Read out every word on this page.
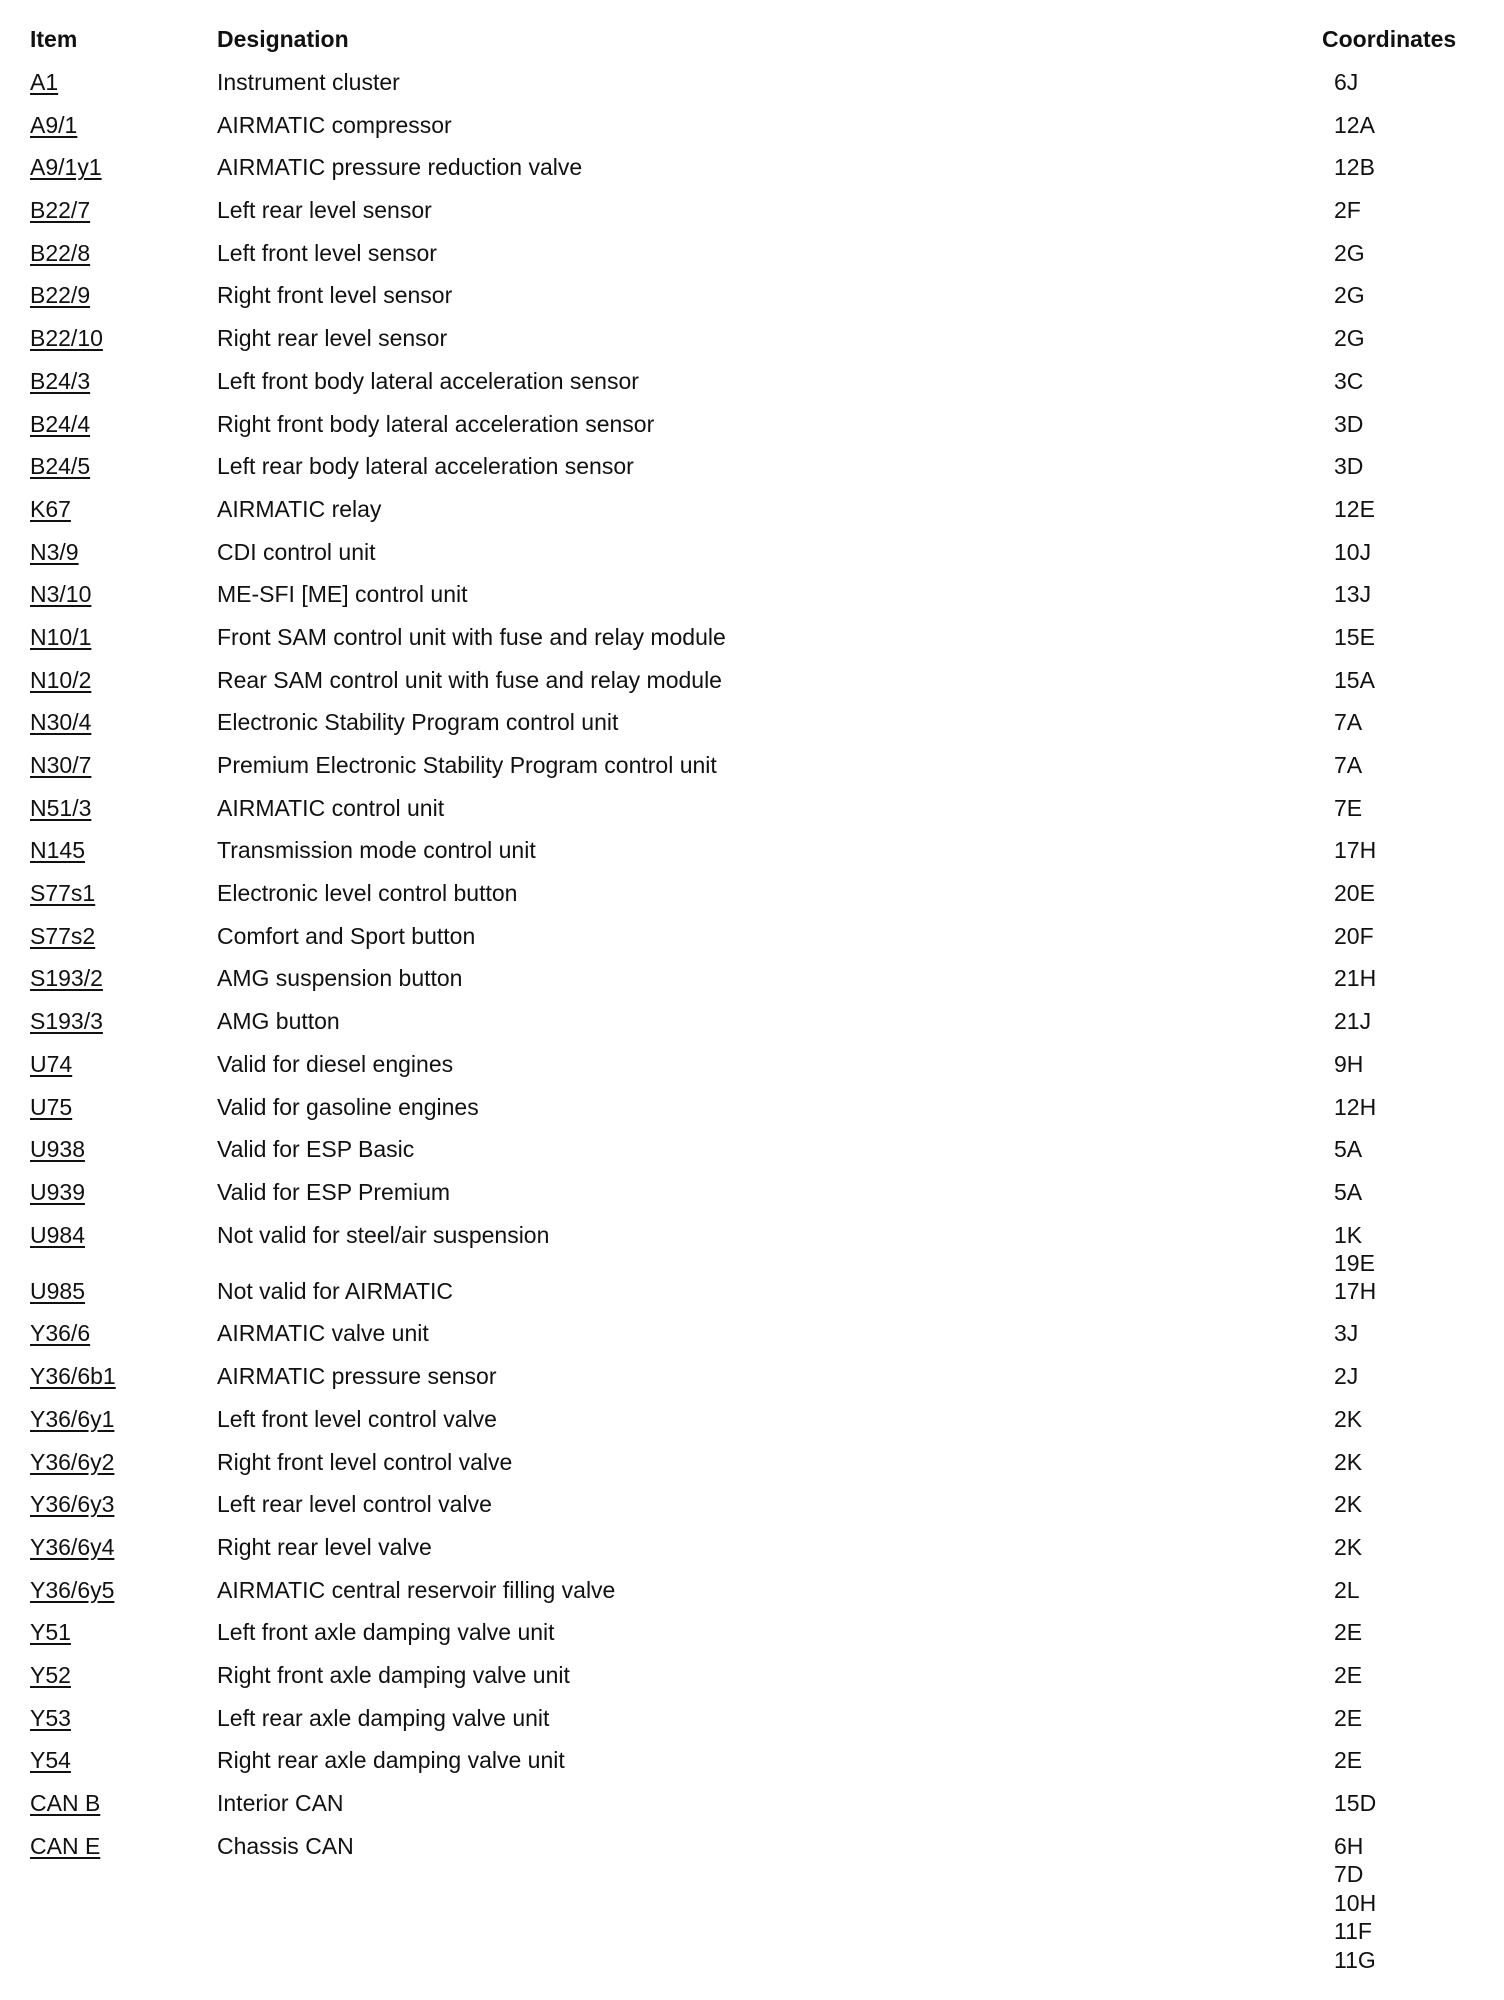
Item	Designation	Coordinates
A1	Instrument cluster	6J
A9/1	AIRMATIC compressor	12A
A9/1y1	AIRMATIC pressure reduction valve	12B
B22/7	Left rear level sensor	2F
B22/8	Left front level sensor	2G
B22/9	Right front level sensor	2G
B22/10	Right rear level sensor	2G
B24/3	Left front body lateral acceleration sensor	3C
B24/4	Right front body lateral acceleration sensor	3D
B24/5	Left rear body lateral acceleration sensor	3D
K67	AIRMATIC relay	12E
N3/9	CDI control unit	10J
N3/10	ME-SFI [ME] control unit	13J
N10/1	Front SAM control unit with fuse and relay module	15E
N10/2	Rear SAM control unit with fuse and relay module	15A
N30/4	Electronic Stability Program control unit	7A
N30/7	Premium Electronic Stability Program control unit	7A
N51/3	AIRMATIC control unit	7E
N145	Transmission mode control unit	17H
S77s1	Electronic level control button	20E
S77s2	Comfort and Sport button	20F
S193/2	AMG suspension button	21H
S193/3	AMG button	21J
U74	Valid for diesel engines	9H
U75	Valid for gasoline engines	12H
U938	Valid for ESP Basic	5A
U939	Valid for ESP Premium	5A
U984	Not valid for steel/air suspension	1K
19E
U985	Not valid for AIRMATIC	17H
Y36/6	AIRMATIC valve unit	3J
Y36/6b1	AIRMATIC pressure sensor	2J
Y36/6y1	Left front level control valve	2K
Y36/6y2	Right front level control valve	2K
Y36/6y3	Left rear level control valve	2K
Y36/6y4	Right rear level valve	2K
Y36/6y5	AIRMATIC central reservoir filling valve	2L
Y51	Left front axle damping valve unit	2E
Y52	Right front axle damping valve unit	2E
Y53	Left rear axle damping valve unit	2E
Y54	Right rear axle damping valve unit	2E
CAN B	Interior CAN	15D
CAN E	Chassis CAN	6H
7D
10H
11F
11G
